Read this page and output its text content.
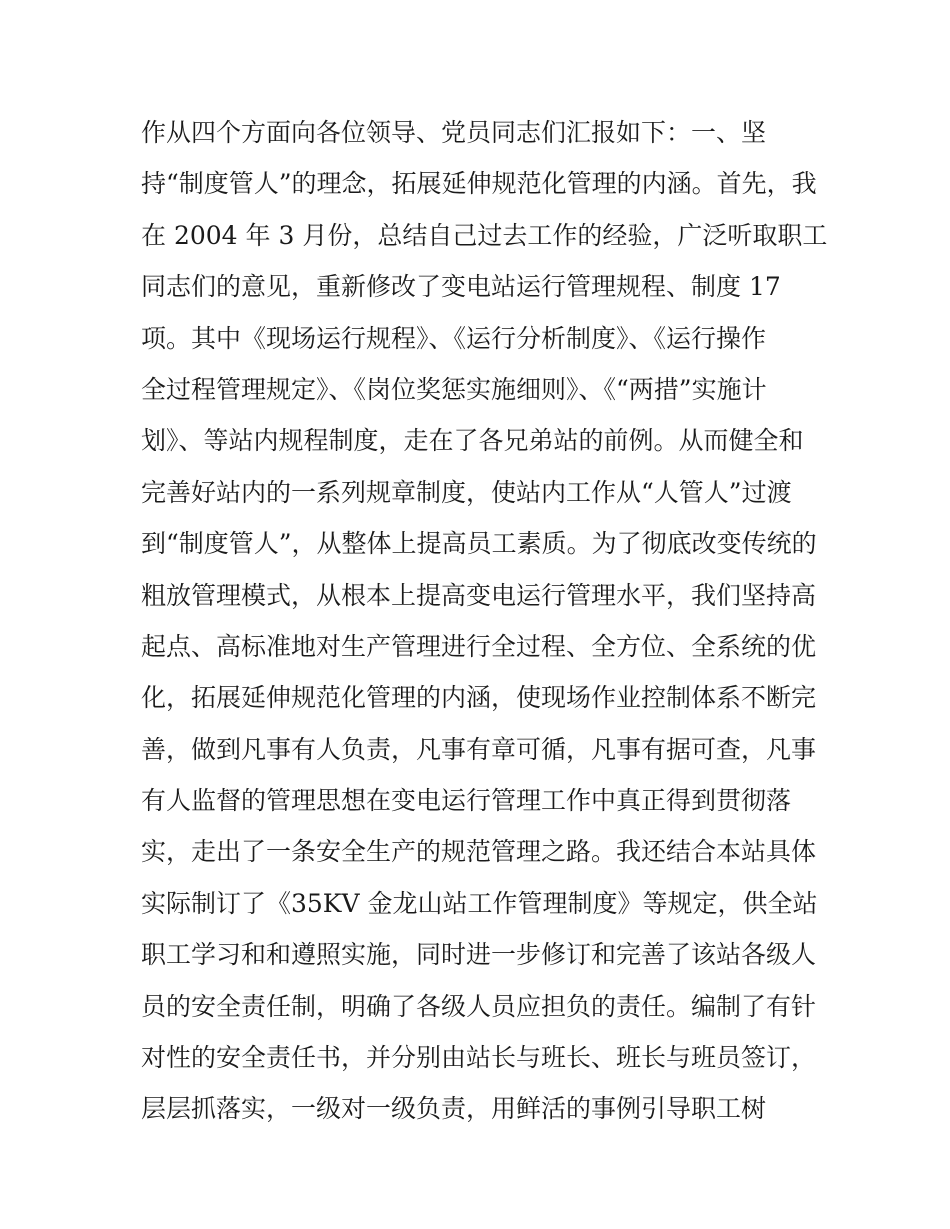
作从四个方面向各位领导、党员同志们汇报如下：一、坚
持“制度管人”的理念，拓展延伸规范化管理的内涵。首先，我
在 2004 年 3 月份，总结自己过去工作的经验，广泛听取职工
同志们的意见，重新修改了变电站运行管理规程、制度 17
项。其中《现场运行规程》、《运行分析制度》、《运行操作
全过程管理规定》、《岗位奖惩实施细则》、《“两措”实施计
划》、等站内规程制度，走在了各兄弟站的前例。从而健全和
完善好站内的一系列规章制度，使站内工作从“人管人”过渡
到“制度管人”，从整体上提高员工素质。为了彻底改变传统的
粗放管理模式，从根本上提高变电运行管理水平，我们坚持高
起点、高标准地对生产管理进行全过程、全方位、全系统的优
化，拓展延伸规范化管理的内涵，使现场作业控制体系不断完
善，做到凡事有人负责，凡事有章可循，凡事有据可查，凡事
有人监督的管理思想在变电运行管理工作中真正得到贯彻落
实，走出了一条安全生产的规范管理之路。我还结合本站具体
实际制订了《35KV 金龙山站工作管理制度》等规定，供全站
职工学习和和遵照实施，同时进一步修订和完善了该站各级人
员的安全责任制，明确了各级人员应担负的责任。编制了有针
对性的安全责任书，并分别由站长与班长、班长与班员签订，
层层抓落实，一级对一级负责，用鲜活的事例引导职工树
